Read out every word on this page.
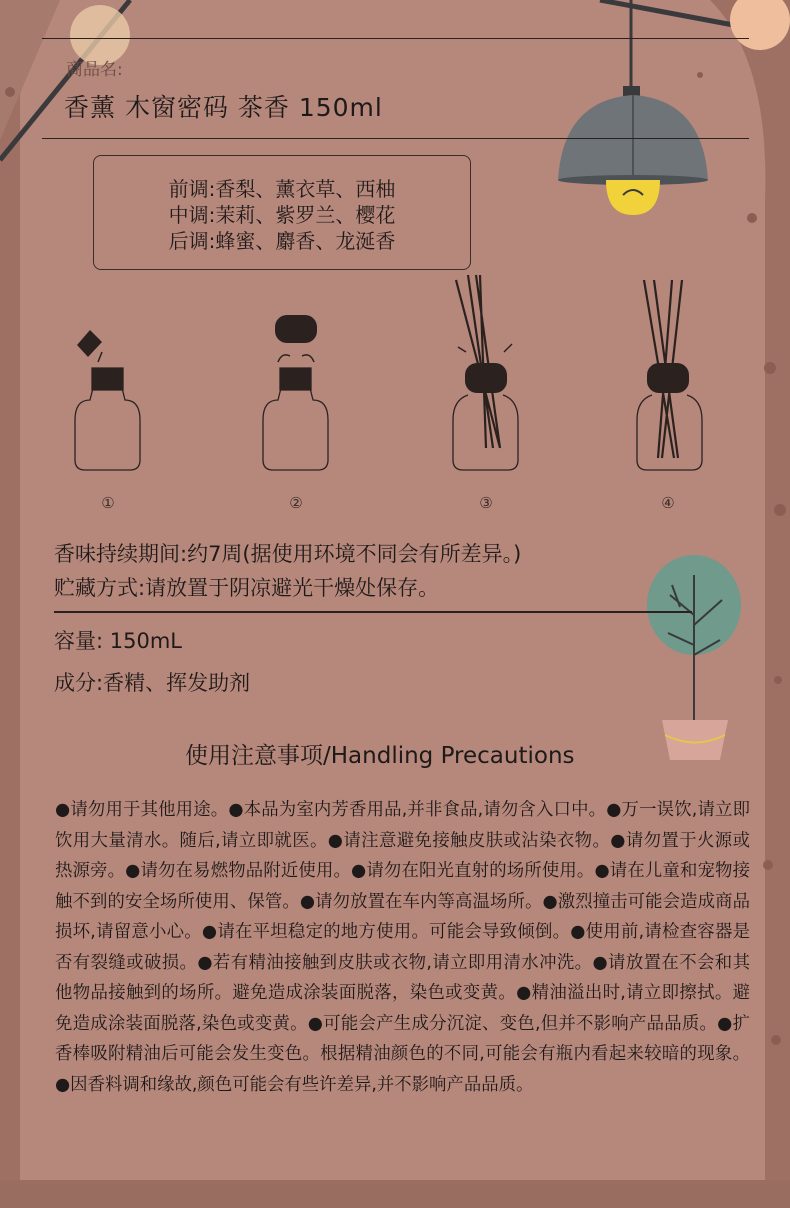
商品名:
香薰 木窗密码 茶香 150ml
前调:香梨、薰衣草、西柚
中调:茉莉、紫罗兰、樱花
后调:蜂蜜、麝香、龙涎香
①	②	③	④
香味持续期间:约7周(据使用环境不同会有所差异。)
贮藏方式:请放置于阴凉避光干燥处保存。
容量: 150mL
成分:香精、挥发助剂
使用注意事项/Handling Precautions
●请勿用于其他用途。●本品为室内芳香用品,并非食品,请勿含入口中。●万一误饮,请立即饮用大量清水。随后,请立即就医。●请注意避免接触皮肤或沾染衣物。●请勿置于火源或热源旁。●请勿在易燃物品附近使用。●请勿在阳光直射的场所使用。●请在儿童和宠物接触不到的安全场所使用、保管。●请勿放置在车内等高温场所。●激烈撞击可能会造成商品损坏,请留意小心。●请在平坦稳定的地方使用。可能会导致倾倒。●使用前,请检查容器是否有裂缝或破损。●若有精油接触到皮肤或衣物,请立即用清水冲洗。●请放置在不会和其他物品接触到的场所。避免造成涂装面脱落，染色或变黄。●精油溢出时,请立即擦拭。避免造成涂装面脱落,染色或变黄。●可能会产生成分沉淀、变色,但并不影响产品品质。●扩香棒吸附精油后可能会发生变色。根据精油颜色的不同,可能会有瓶内看起来较暗的现象。●因香料调和缘故,颜色可能会有些许差异,并不影响产品品质。
